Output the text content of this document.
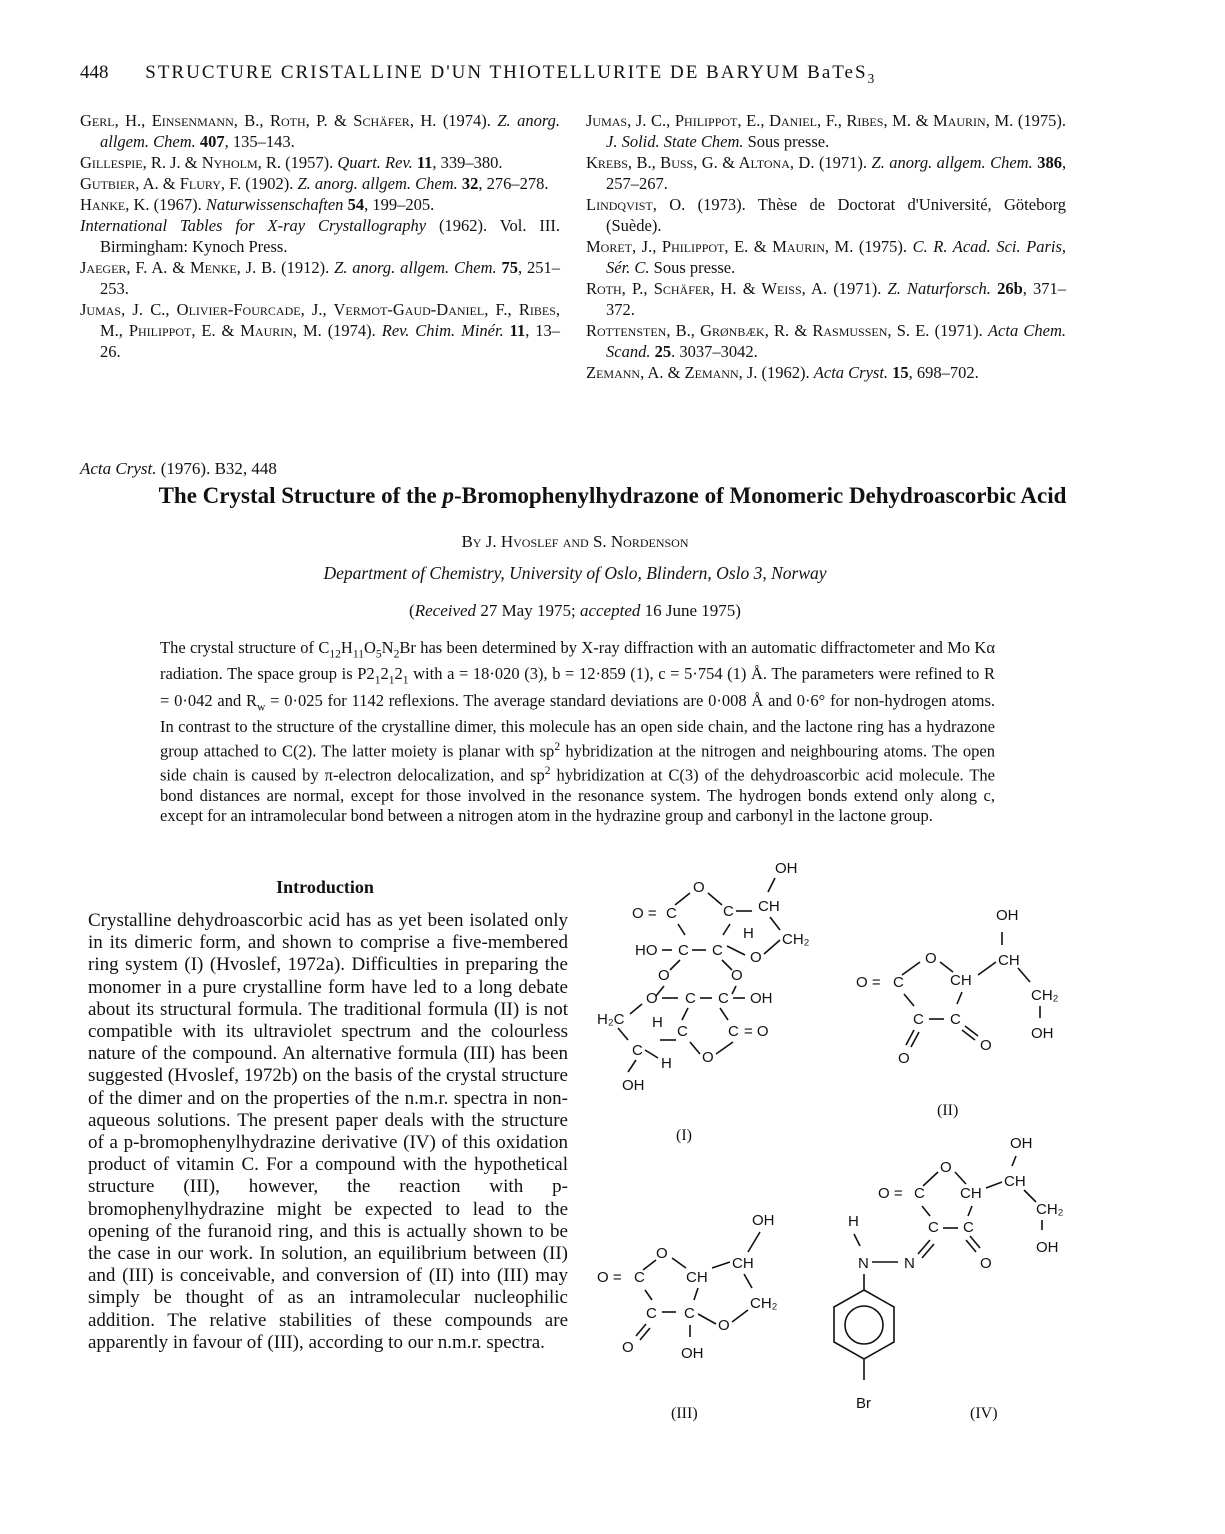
448 STRUCTURE CRISTALLINE D'UN THIOTELLURITE DE BARYUM BaTeS$_3$

Gerl, H., Einsenmann, B., Roth, P. & Schäfer, H. (1974). Z. anorg. allgem. Chem. 407, 135–143.

Gillespie, R. J. & Nyholm, R. (1957). Quart. Rev. 11, 339–380.

Gutbier, A. & Flury, F. (1902). Z. anorg. allgem. Chem. 32, 276–278.

Hanke, K. (1967). Naturwissenschaften 54, 199–205.

International Tables for X-ray Crystallography (1962). Vol. III. Birmingham: Kynoch Press.

Jaeger, F. A. & Menke, J. B. (1912). Z. anorg. allgem. Chem. 75, 251–253.

Jumas, J. C., Olivier-Fourcade, J., Vermot-Gaud-Daniel, F., Ribes, M., Philippot, E. & Maurin, M. (1974). Rev. Chim. Minér. 11, 13–26.

Jumas, J. C., Philippot, E., Daniel, F., Ribes, M. & Maurin, M. (1975). J. Solid. State Chem. Sous presse.

Krebs, B., Buss, G. & Altona, D. (1971). Z. anorg. allgem. Chem. 386, 257–267.

Lindqvist, O. (1973). Thèse de Doctorat d'Université, Göteborg (Suède).

Moret, J., Philippot, E. & Maurin, M. (1975). C. R. Acad. Sci. Paris, Sér. C. Sous presse.

Roth, P., Schäfer, H. & Weiss, A. (1971). Z. Naturforsch. 26b, 371–372.

Rottensten, B., Grønbæk, R. & Rasmussen, S. E. (1971). Acta Chem. Scand. 25. 3037–3042.

Zemann, A. & Zemann, J. (1962). Acta Cryst. 15, 698–702.

Acta Cryst. (1976). B32, 448
The Crystal Structure of the p-Bromophenylhydrazone of Monomeric Dehydroascorbic Acid
By J. Hvoslef and S. Nordenson
Department of Chemistry, University of Oslo, Blindern, Oslo 3, Norway
(Received 27 May 1975; accepted 16 June 1975)

The crystal structure of $C_{12}H_{11}O_5N_2Br$ has been determined by X-ray diffraction with an automatic diffractometer and Mo Kα radiation. The space group is $P2_12_12_1$ with a = 18·020 (3), b = 12·859 (1), c = 5·754 (1) Å. The parameters were refined to R = 0·042 and $R_w = 0\cdot 025$ for 1142 reflexions. The average standard deviations are 0·008 Å and 0·6° for non-hydrogen atoms. In contrast to the structure of the crystalline dimer, this molecule has an open side chain, and the lactone ring has a hydrazone group attached to C(2). The latter moiety is planar with $sp^2$ hybridization at the nitrogen and neighbouring atoms. The open side chain is caused by π-electron delocalization, and $sp^2$ hybridization at C(3) of the dehydroascorbic acid molecule. The bond distances are normal, except for those involved in the resonance system. The hydrogen bonds extend only along c, except for an intramolecular bond between a nitrogen atom in the hydrazine group and carbonyl in the lactone group.

Introduction

Crystalline dehydroascorbic acid has as yet been isolated only in its dimeric form, and shown to comprise a five-membered ring system (I) (Hvoslef, 1972a). Difficulties in preparing the monomer in a pure crystalline form have led to a long debate about its structural formula. The traditional formula (II) is not compatible with its ultraviolet spectrum and the colourless nature of the compound. An alternative formula (III) has been suggested (Hvoslef, 1972b) on the basis of the crystal structure of the dimer and on the properties of the n.m.r. spectra in non-aqueous solutions. The present paper deals with the structure of a p-bromophenylhydrazine derivative (IV) of this oxidation product of vitamin C. For a compound with the hypothetical structure (III), however, the reaction with p-bromophenylhydrazine might be expected to lead to the opening of the furanoid ring, and this is actually shown to be the case in our work. In solution, an equilibrium between (II) and (III) is conceivable, and conversion of (II) into (III) may simply be thought of as an intramolecular nucleophilic addition. The relative stabilities of these compounds are apparently in favour of (III), according to our n.m.r. spectra.

OH
O
O = C	C CH
H CH₂
HO C C O
O	O
O C C OH
H₂C H
C	C = O
C
H O
OH
(I)
OH
O	CH
O = C	CH
CH₂
OH
C C
O
O
(II)
OH
O
CH
O = C	CH
CH₂
C C
O
OH
O
(III)
OH
O
CH
O = C CH
CH₂
OH
H	C C
O
N N
Br
(IV)
